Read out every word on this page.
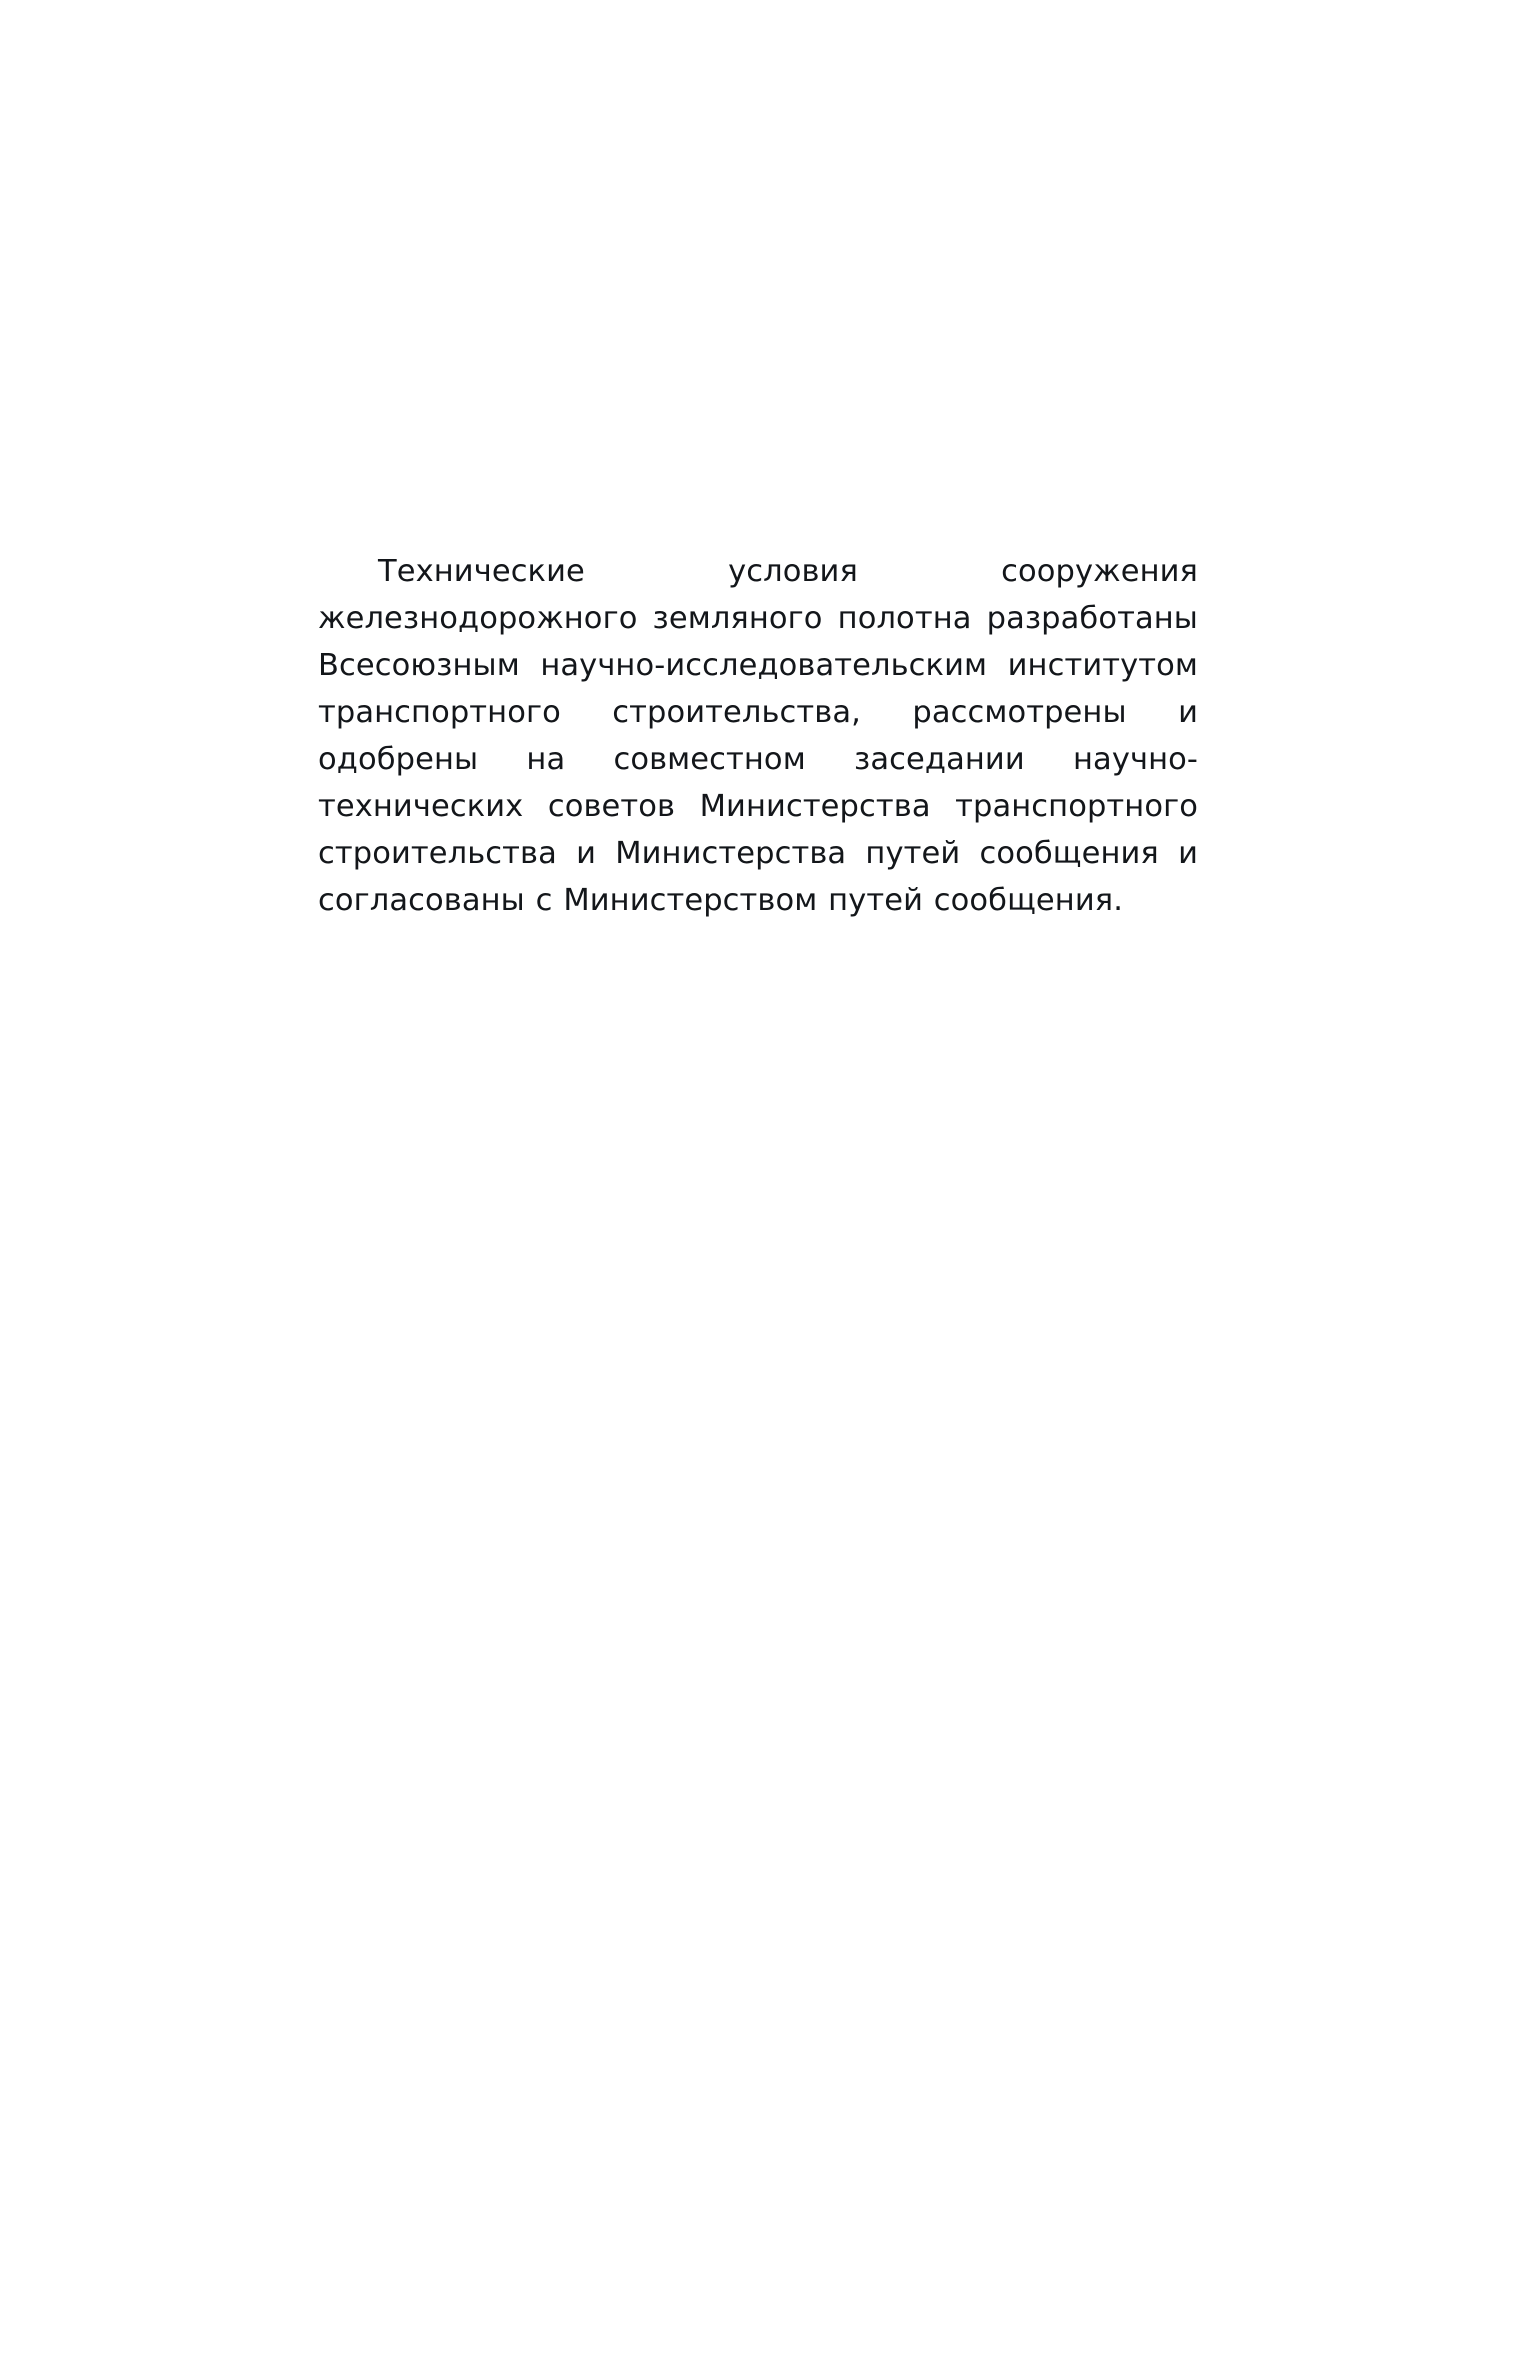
Технические условия сооружения железнодорожного земляного полотна разработаны Всесоюзным научно-исследовательским институтом транспортного строительства, рассмотрены и одобрены на совместном заседании научно-технических советов Министерства транспортного строительства и Министерства путей сообщения и согласованы с Министерством путей сообщения.
